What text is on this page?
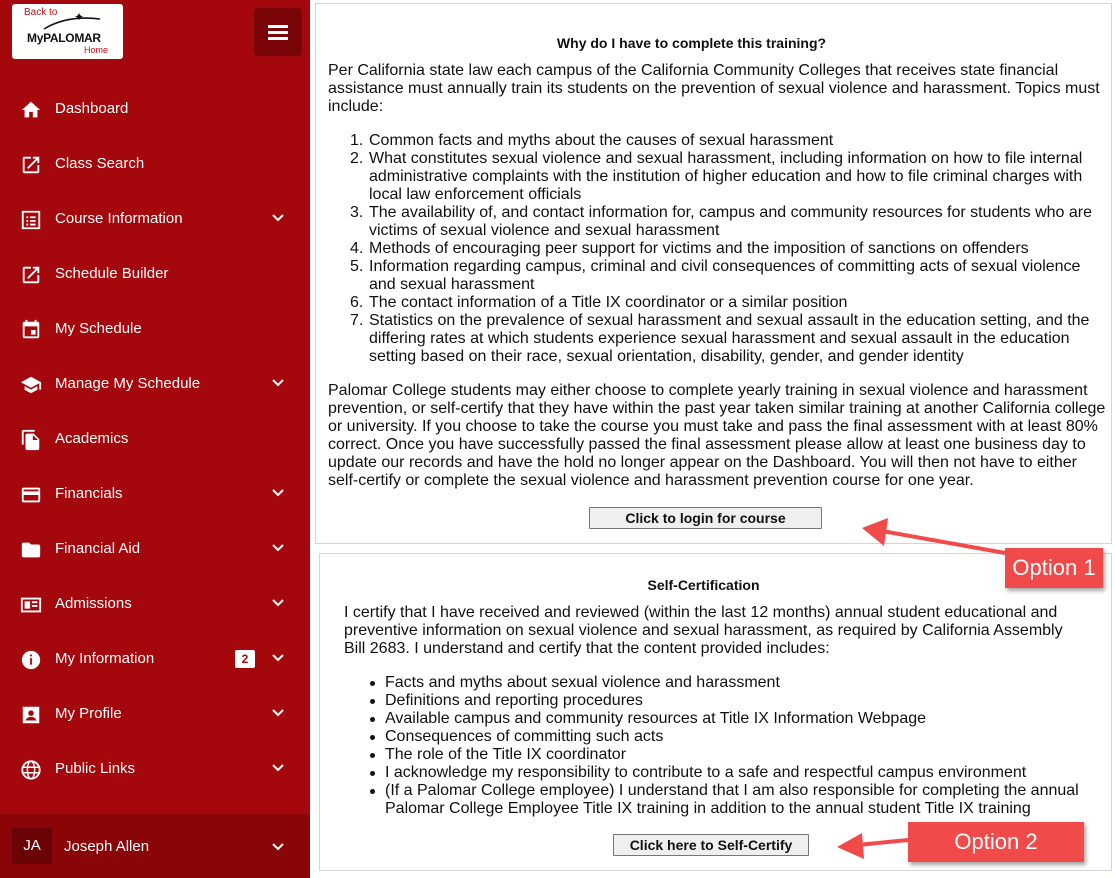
Back to ✦
MyPALOMAR
Home
Dashboard
Class Search
Course Information
Schedule Builder
My Schedule
Manage My Schedule
Academics
Financials
Financial Aid
Admissions
My Information	2
My Profile
Public Links
JA	Joseph Allen
Why do I have to complete this training?

Per California state law each campus of the California Community Colleges that receives state financial assistance must annually train its students on the prevention of sexual violence and harassment. Topics must include:

1. Common facts and myths about the causes of sexual harassment
2. What constitutes sexual violence and sexual harassment, including information on how to file internal administrative complaints with the institution of higher education and how to file criminal charges with local law enforcement officials
3. The availability of, and contact information for, campus and community resources for students who are victims of sexual violence and sexual harassment
4. Methods of encouraging peer support for victims and the imposition of sanctions on offenders
5. Information regarding campus, criminal and civil consequences of committing acts of sexual violence and sexual harassment
6. The contact information of a Title IX coordinator or a similar position
7. Statistics on the prevalence of sexual harassment and sexual assault in the education setting, and the differing rates at which students experience sexual harassment and sexual assault in the education setting based on their race, sexual orientation, disability, gender, and gender identity

Palomar College students may either choose to complete yearly training in sexual violence and harassment prevention, or self-certify that they have within the past year taken similar training at another California college or university. If you choose to take the course you must take and pass the final assessment with at least 80% correct. Once you have successfully passed the final assessment please allow at least one business day to update our records and have the hold no longer appear on the Dashboard. You will then not have to either self-certify or complete the sexual violence and harassment prevention course for one year.

Click to login for course
Self-Certification

I certify that I have received and reviewed (within the last 12 months) annual student educational and preventive information on sexual violence and sexual harassment, as required by California Assembly Bill 2683. I understand and certify that the content provided includes:

Facts and myths about sexual violence and harassment
Definitions and reporting procedures
Available campus and community resources at Title IX Information Webpage
Consequences of committing such acts
The role of the Title IX coordinator
I acknowledge my responsibility to contribute to a safe and respectful campus environment
(If a Palomar College employee) I understand that I am also responsible for completing the annual Palomar College Employee Title IX training in addition to the annual student Title IX training
Click here to Self-Certify
Option 1
Option 2
